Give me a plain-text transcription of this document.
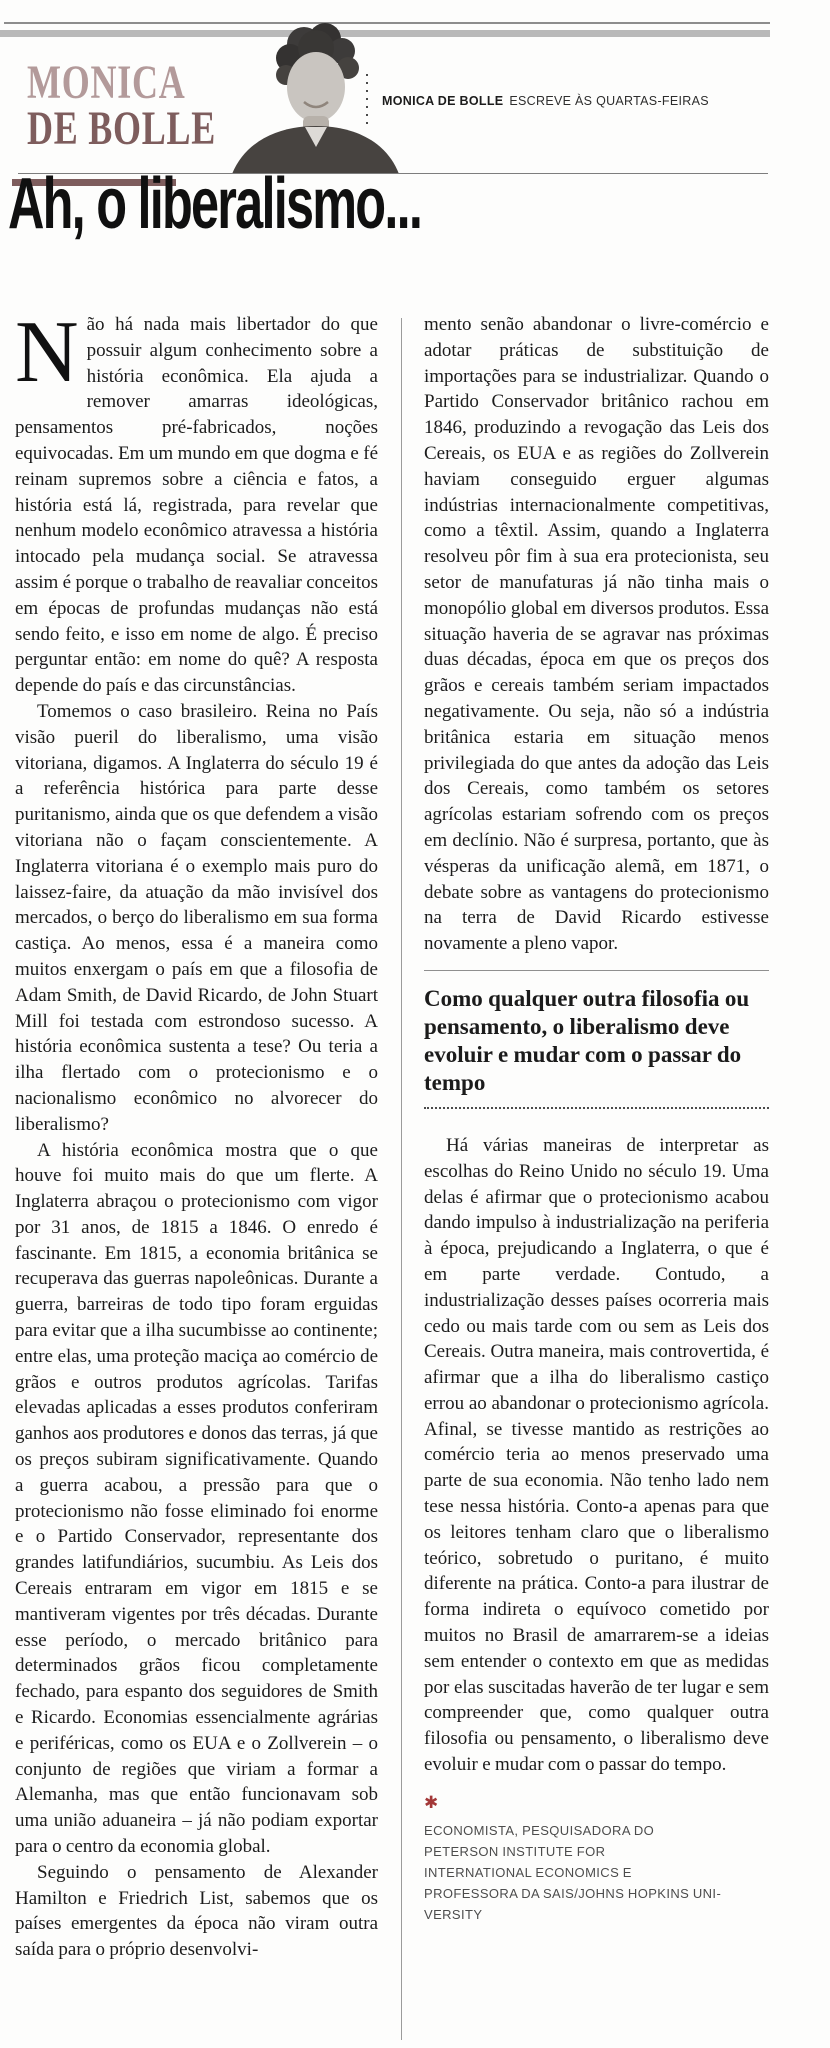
MONICA
DE BOLLE
MONICA DE BOLLE ESCREVE ÀS QUARTAS-FEIRAS
Ah, o liberalismo...

Não há nada mais libertador do que possuir algum conhecimento sobre a história econômica. Ela ajuda a remover amarras ideológicas, pensamentos pré-fabricados, noções equivocadas. Em um mundo em que dogma e fé reinam supremos sobre a ciência e fatos, a história está lá, registrada, para revelar que nenhum modelo econômico atravessa a história intocado pela mudança social. Se atravessa assim é porque o trabalho de reavaliar conceitos em épocas de profundas mudanças não está sendo feito, e isso em nome de algo. É preciso perguntar então: em nome do quê? A resposta depende do país e das circunstâncias.

Tomemos o caso brasileiro. Reina no País visão pueril do liberalismo, uma visão vitoriana, digamos. A Inglaterra do século 19 é a referência histórica para parte desse puritanismo, ainda que os que defendem a visão vitoriana não o façam conscientemente. A Inglaterra vitoriana é o exemplo mais puro do laissez-faire, da atuação da mão invisível dos mercados, o berço do liberalismo em sua forma castiça. Ao menos, essa é a maneira como muitos enxergam o país em que a filosofia de Adam Smith, de David Ricardo, de John Stuart Mill foi testada com estrondoso sucesso. A história econômica sustenta a tese? Ou teria a ilha flertado com o protecionismo e o nacionalismo econômico no alvorecer do liberalismo?

A história econômica mostra que o que houve foi muito mais do que um flerte. A Inglaterra abraçou o protecionismo com vigor por 31 anos, de 1815 a 1846. O enredo é fascinante. Em 1815, a economia britânica se recuperava das guerras napoleônicas. Durante a guerra, barreiras de todo tipo foram erguidas para evitar que a ilha sucumbisse ao continente; entre elas, uma proteção maciça ao comércio de grãos e outros produtos agrícolas. Tarifas elevadas aplicadas a esses produtos conferiram ganhos aos produtores e donos das terras, já que os preços subiram significativamente. Quando a guerra acabou, a pressão para que o protecionismo não fosse eliminado foi enorme e o Partido Conservador, representante dos grandes latifundiários, sucumbiu. As Leis dos Cereais entraram em vigor em 1815 e se mantiveram vigentes por três décadas. Durante esse período, o mercado britânico para determinados grãos ficou completamente fechado, para espanto dos seguidores de Smith e Ricardo. Economias essencialmente agrárias e periféricas, como os EUA e o Zollverein – o conjunto de regiões que viriam a formar a Alemanha, mas que então funcionavam sob uma união aduaneira – já não podiam exportar para o centro da economia global.

Seguindo o pensamento de Alexander Hamilton e Friedrich List, sabemos que os países emergentes da época não viram outra saída para o próprio desenvolvi-

mento senão abandonar o livre-comércio e adotar práticas de substituição de importações para se industrializar. Quando o Partido Conservador britânico rachou em 1846, produzindo a revogação das Leis dos Cereais, os EUA e as regiões do Zollverein haviam conseguido erguer algumas indústrias internacionalmente competitivas, como a têxtil. Assim, quando a Inglaterra resolveu pôr fim à sua era protecionista, seu setor de manufaturas já não tinha mais o monopólio global em diversos produtos. Essa situação haveria de se agravar nas próximas duas décadas, época em que os preços dos grãos e cereais também seriam impactados negativamente. Ou seja, não só a indústria britânica estaria em situação menos privilegiada do que antes da adoção das Leis dos Cereais, como também os setores agrícolas estariam sofrendo com os preços em declínio. Não é surpresa, portanto, que às vésperas da unificação alemã, em 1871, o debate sobre as vantagens do protecionismo na terra de David Ricardo estivesse novamente a pleno vapor.

Como qualquer outra filosofia ou pensamento, o liberalismo deve evoluir e mudar com o passar do tempo

Há várias maneiras de interpretar as escolhas do Reino Unido no século 19. Uma delas é afirmar que o protecionismo acabou dando impulso à industrialização na periferia à época, prejudicando a Inglaterra, o que é em parte verdade. Contudo, a industrialização desses países ocorreria mais cedo ou mais tarde com ou sem as Leis dos Cereais. Outra maneira, mais controvertida, é afirmar que a ilha do liberalismo castiço errou ao abandonar o protecionismo agrícola. Afinal, se tivesse mantido as restrições ao comércio teria ao menos preservado uma parte de sua economia. Não tenho lado nem tese nessa história. Conto-a apenas para que os leitores tenham claro que o liberalismo teórico, sobretudo o puritano, é muito diferente na prática. Conto-a para ilustrar de forma indireta o equívoco cometido por muitos no Brasil de amarrarem-se a ideias sem entender o contexto em que as medidas por elas suscitadas haverão de ter lugar e sem compreender que, como qualquer outra filosofia ou pensamento, o liberalismo deve evoluir e mudar com o passar do tempo.

✱
ECONOMISTA, PESQUISADORA DO
PETERSON INSTITUTE FOR
INTERNATIONAL ECONOMICS E
PROFESSORA DA SAIS/JOHNS HOPKINS UNI-
VERSITY
